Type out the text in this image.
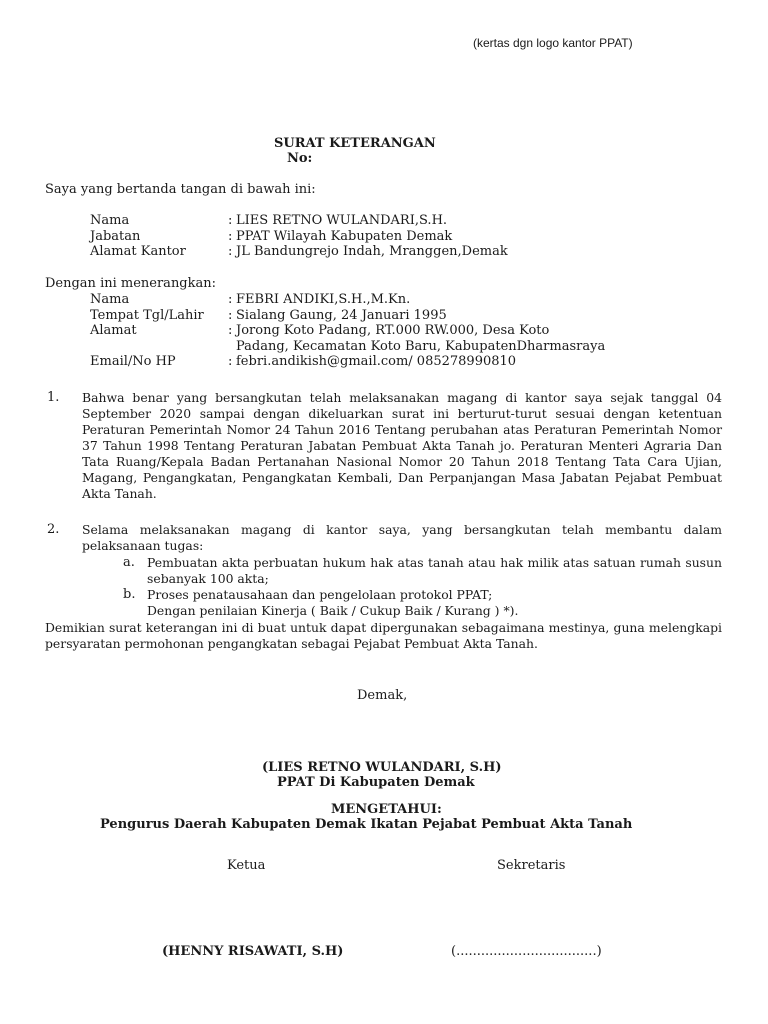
(kertas dgn logo kantor PPAT)
SURAT KETERANGAN
No:
Saya yang bertanda tangan di bawah ini:
Nama	: LIES RETNO WULANDARI,S.H.
Jabatan	: PPAT Wilayah Kabupaten Demak
Alamat Kantor	: JL Bandungrejo Indah, Mranggen,Demak
Dengan ini menerangkan:
Nama	: FEBRI ANDIKI,S.H.,M.Kn.
Tempat Tgl/Lahir : Sialang Gaung, 24 Januari 1995
Alamat	: Jorong Koto Padang, RT.000 RW.000, Desa Koto
Padang, Kecamatan Koto Baru, KabupatenDharmasraya
Email/No HP	: febri.andikish@gmail.com/ 085278990810
1. Bahwa benar yang bersangkutan telah melaksanakan magang di kantor saya sejak tanggal 04 September 2020 sampai dengan dikeluarkan surat ini berturut-turut sesuai dengan ketentuan Peraturan Pemerintah Nomor 24 Tahun 2016 Tentang perubahan atas Peraturan Pemerintah Nomor 37 Tahun 1998 Tentang Peraturan Jabatan Pembuat Akta Tanah jo. Peraturan Menteri Agraria Dan Tata Ruang/Kepala Badan Pertanahan Nasional Nomor 20 Tahun 2018 Tentang Tata Cara Ujian, Magang, Pengangkatan, Pengangkatan Kembali, Dan Perpanjangan Masa Jabatan Pejabat Pembuat Akta Tanah.
2. Selama melaksanakan magang di kantor saya, yang bersangkutan telah membantu dalam pelaksanaan tugas:
a. Pembuatan akta perbuatan hukum hak atas tanah atau hak milik atas satuan rumah susun sebanyak 100 akta;
b. Proses penatausahaan dan pengelolaan protokol PPAT;
Dengan penilaian Kinerja ( Baik / Cukup Baik / Kurang ) *).
Demikian surat keterangan ini di buat untuk dapat dipergunakan sebagaimana mestinya, guna melengkapi persyaratan permohonan pengangkatan sebagai Pejabat Pembuat Akta Tanah.
Demak,
(LIES RETNO WULANDARI, S.H)
PPAT Di Kabupaten Demak
MENGETAHUI:
Pengurus Daerah Kabupaten Demak Ikatan Pejabat Pembuat Akta Tanah
Ketua	Sekretaris
(HENNY RISAWATI, S.H)	(..................................)
